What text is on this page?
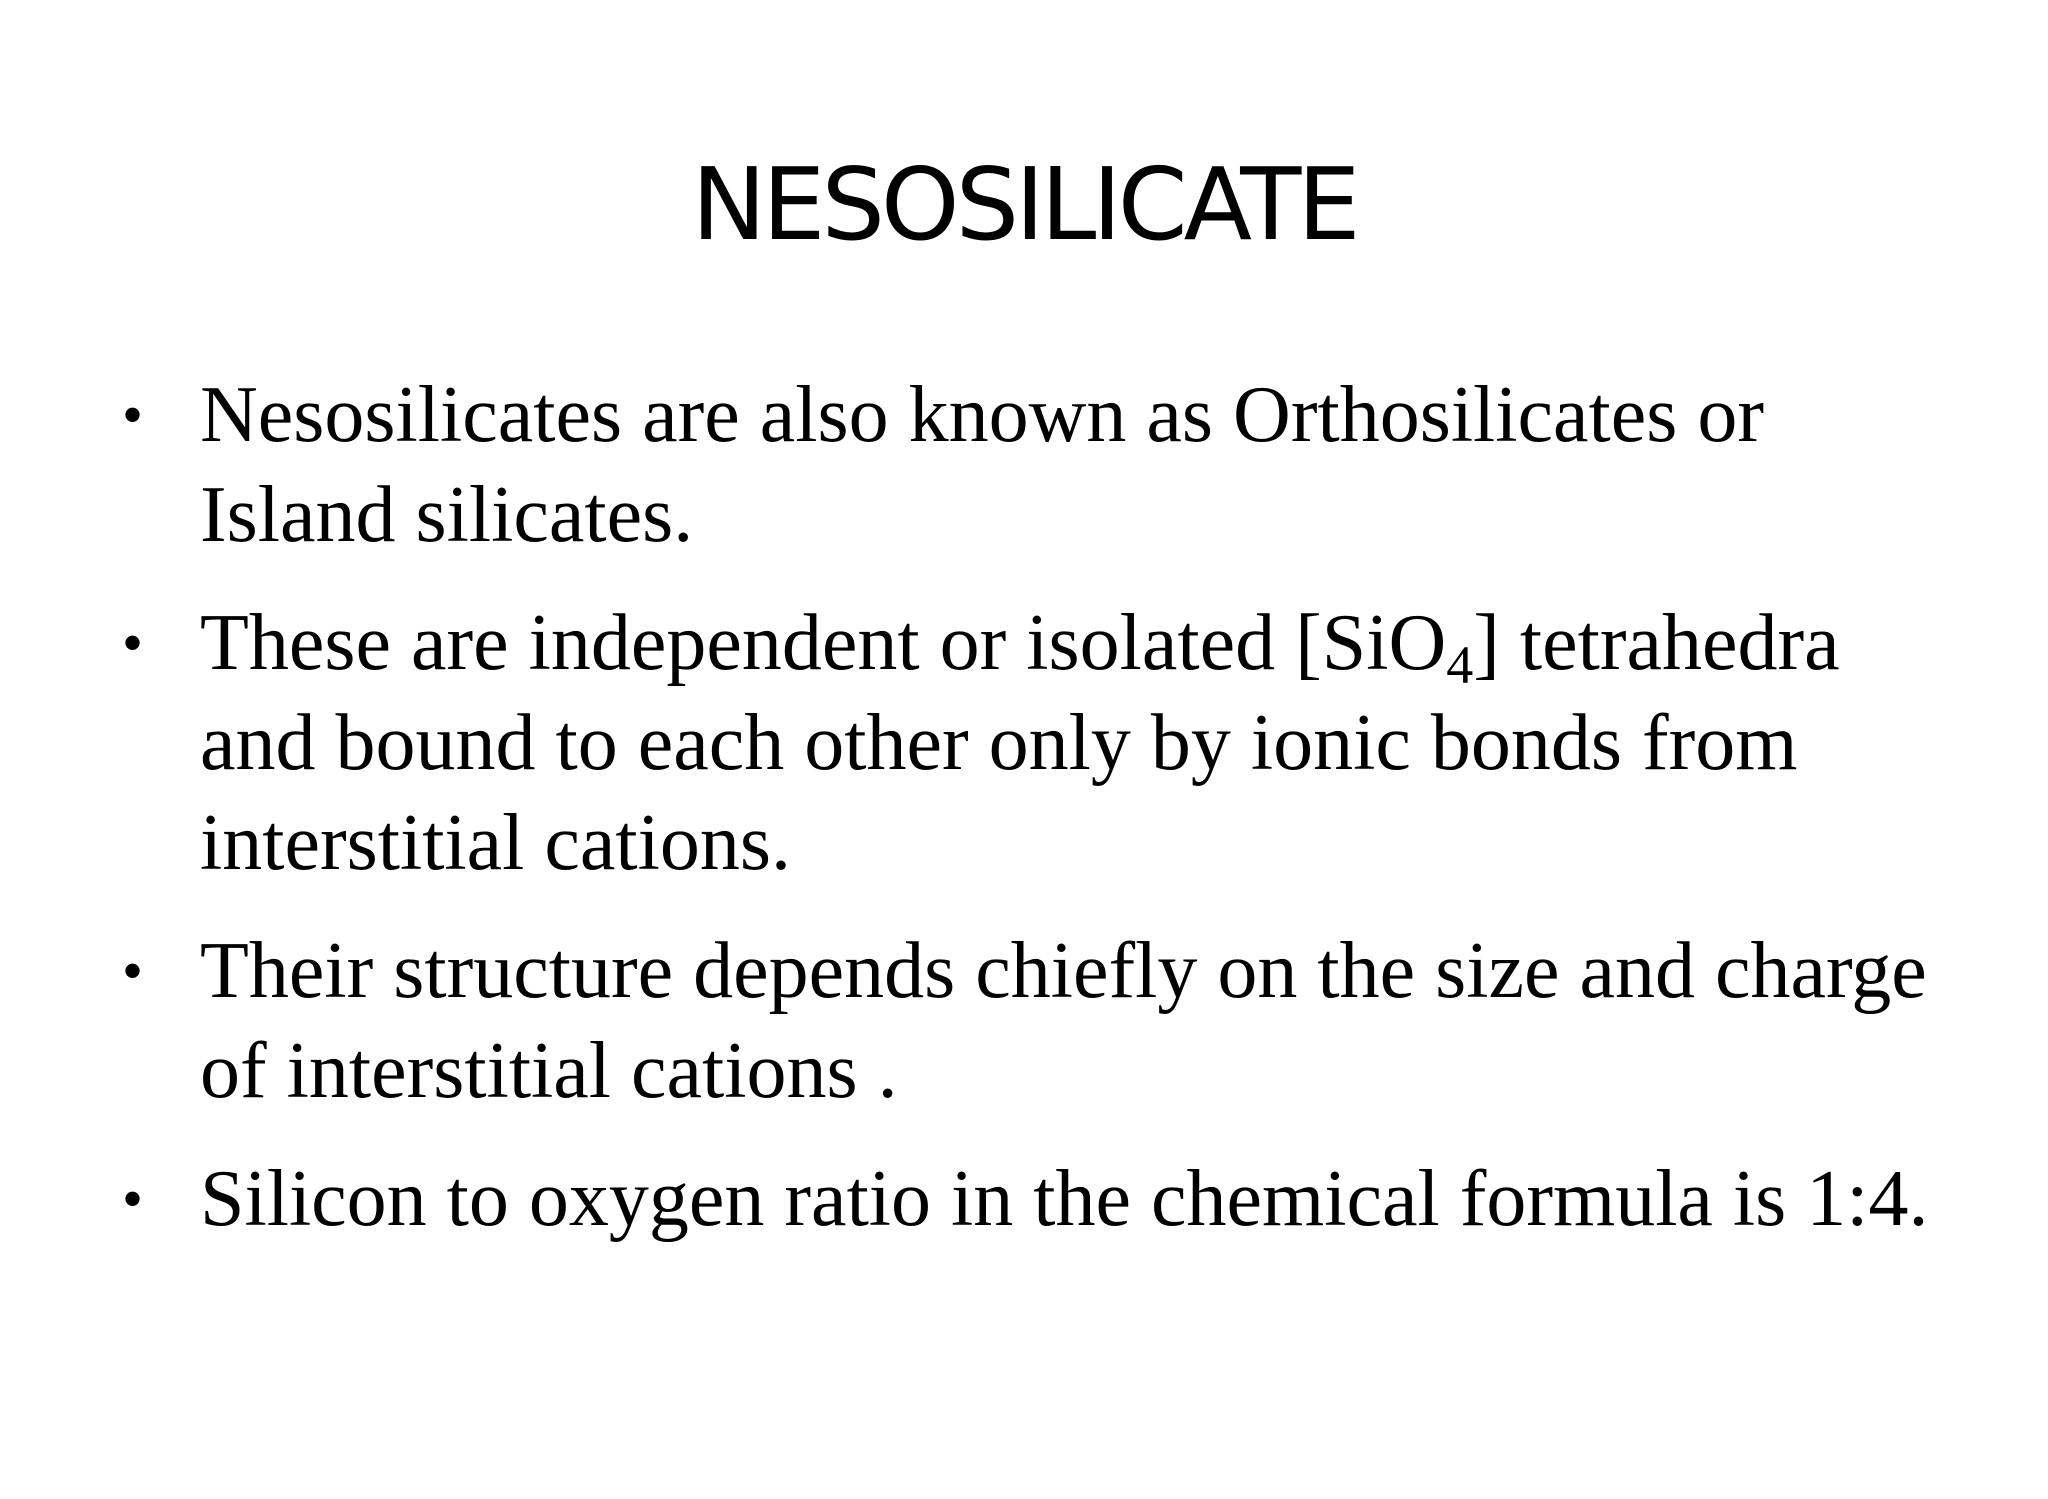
NESOSILICATE
• Nesosilicates are also known as Orthosilicates or Island silicates.
• These are independent or isolated [SiO$_4$] tetrahedra and bound to each other only by ionic bonds from interstitial cations.
• Their structure depends chiefly on the size and charge of interstitial cations .
• Silicon to oxygen ratio in the chemical formula is 1:4.
